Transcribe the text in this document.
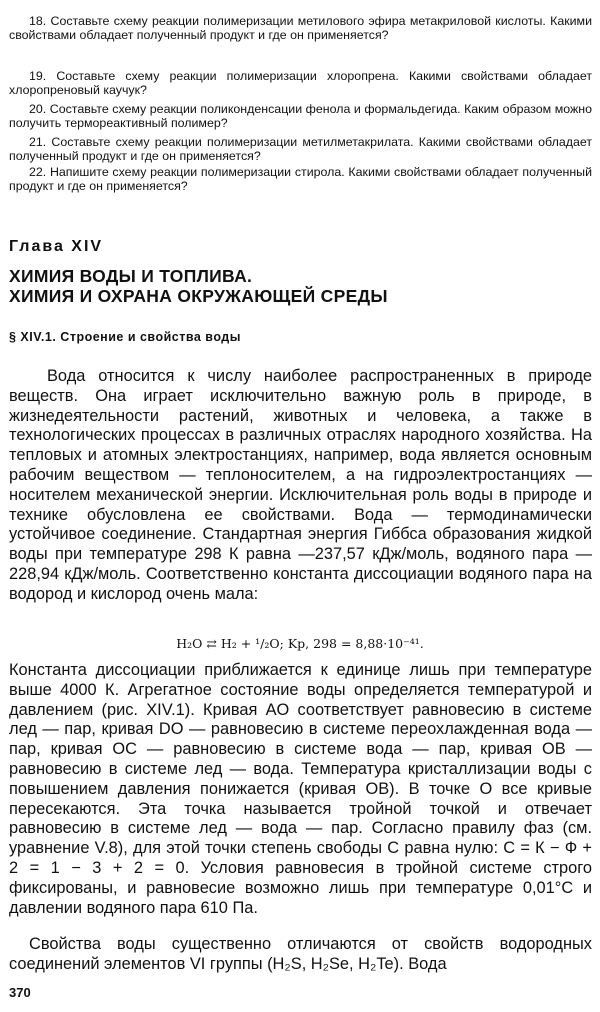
18. Составьте схему реакции полимеризации метилового эфира метакриловой кислоты. Какими свойствами обладает полученный продукт и где он применяется?

19. Составьте схему реакции полимеризации хлоропрена. Какими свойствами обладает хлоропреновый каучук?

20. Составьте схему реакции поликонденсации фенола и формальдегида. Каким образом можно получить термореактивный полимер?

21. Составьте схему реакции полимеризации метилметакрилата. Какими свойствами обладает полученный продукт и где он применяется?

22. Напишите схему реакции полимеризации стирола. Какими свойствами обладает полученный продукт и где он применяется?

Глава XIV

ХИМИЯ ВОДЫ И ТОПЛИВА.
ХИМИЯ И ОХРАНА ОКРУЖАЮЩЕЙ СРЕДЫ
§ XIV.1. Строение и свойства воды

Вода относится к числу наиболее распространенных в природе веществ. Она играет исключительно важную роль в природе, в жизнедеятельности растений, животных и человека, а также в технологических процессах в различных отраслях народного хозяйства. На тепловых и атомных электростанциях, например, вода является основным рабочим веществом — теплоносителем, а на гидроэлектростанциях — носителем механической энергии. Исключительная роль воды в природе и технике обусловлена ее свойствами. Вода — термодинамически устойчивое соединение. Стандартная энергия Гиббса образования жидкой воды при температуре 298 К равна —237,57 кДж/моль, водяного пара —228,94 кДж/моль. Соответственно константа диссоциации водяного пара на водород и кислород очень мала:

H₂O ⇄ H₂ + ¹/₂O; Kp, 298 = 8,88·10⁻⁴¹.

Константа диссоциации приближается к единице лишь при температуре выше 4000 К. Агрегатное состояние воды определяется температурой и давлением (рис. XIV.1). Кривая AO соответствует равновесию в системе лед — пар, кривая DO — равновесию в системе переохлажденная вода — пар, кривая OC — равновесию в системе вода — пар, кривая OB — равновесию в системе лед — вода. Температура кристаллизации воды с повышением давления понижается (кривая OB). В точке O все кривые пересекаются. Эта точка называется тройной точкой и отвечает равновесию в системе лед — вода — пар. Согласно правилу фаз (см. уравнение V.8), для этой точки степень свободы С равна нулю: С = К − Ф + 2 = 1 − 3 + 2 = 0. Условия равновесия в тройной системе строго фиксированы, и равновесие возможно лишь при температуре 0,01°С и давлении водяного пара 610 Па.

Свойства воды существенно отличаются от свойств водородных соединений элементов VI группы (H₂S, H₂Se, H₂Te). Вода

370
